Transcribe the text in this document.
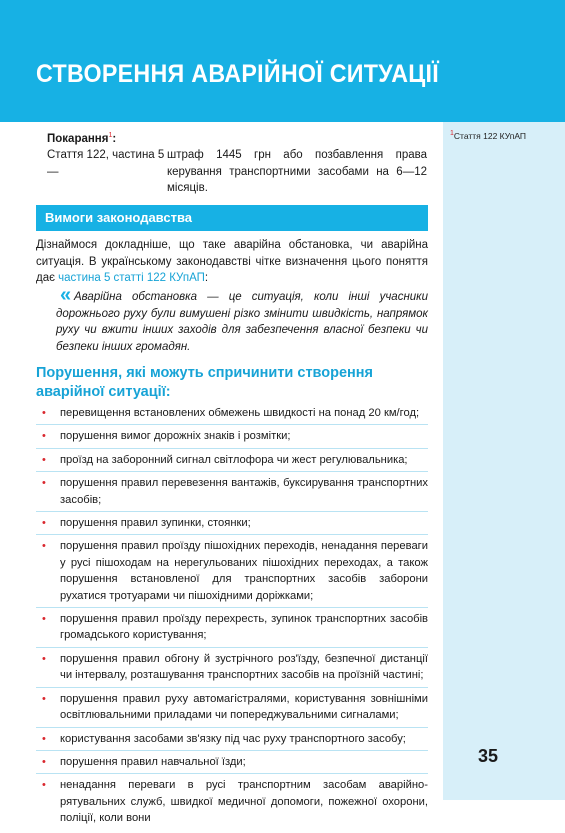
СТВОРЕННЯ АВАРІЙНОЇ СИТУАЦІЇ
$^1$Стаття 122 КУпАП
Покарання$^1$:
Стаття 122, частина 5 —
штраф 1445 грн або позбавлення права керування транспортними засобами на 6—12 місяців.
Вимоги законодавства
Дізнаймося докладніше, що таке аварійна обстановка, чи аварійна ситуація. В українському законодавстві чітке визначення цього поняття дає частина 5 статті 122 КУпАП:
« Аварійна обстановка — це ситуація, коли інші учасники дорожнього руху були вимушені різко змінити швидкість, напрямок руху чи вжити інших заходів для забезпечення власної безпеки чи безпеки інших громадян.

Порушення, які можуть спричинити створення аварійної ситуації:
• перевищення встановлених обмежень швидкості на понад 20 км/год;
• порушення вимог дорожніх знаків і розмітки;
• проїзд на заборонний сигнал світлофора чи жест регулювальника;
• порушення правил перевезення вантажів, буксирування транспортних засобів;
• порушення правил зупинки, стоянки;
• порушення правил проїзду пішохідних переходів, ненадання переваги у русі пішоходам на нерегульованих пішохідних переходах, а також порушення встановленої для транспортних засобів заборони рухатися тротуарами чи пішохідними доріжками;
• порушення правил проїзду перехресть, зупинок транспортних засобів громадського користування;
• порушення правил обгону й зустрічного роз'їзду, безпечної дистанції чи інтервалу, розташування транспортних засобів на проїзній частині;
• порушення правил руху автомагістралями, користування зовнішніми освітлювальними приладами чи попереджувальними сигналами;
• користування засобами зв'язку під час руху транспортного засобу;
• порушення правил навчальної їзди;
• ненадання переваги в русі транспортним засобам аварійно-рятувальних служб, швидкої медичної допомоги, пожежної охорони, поліції, коли вони
35
